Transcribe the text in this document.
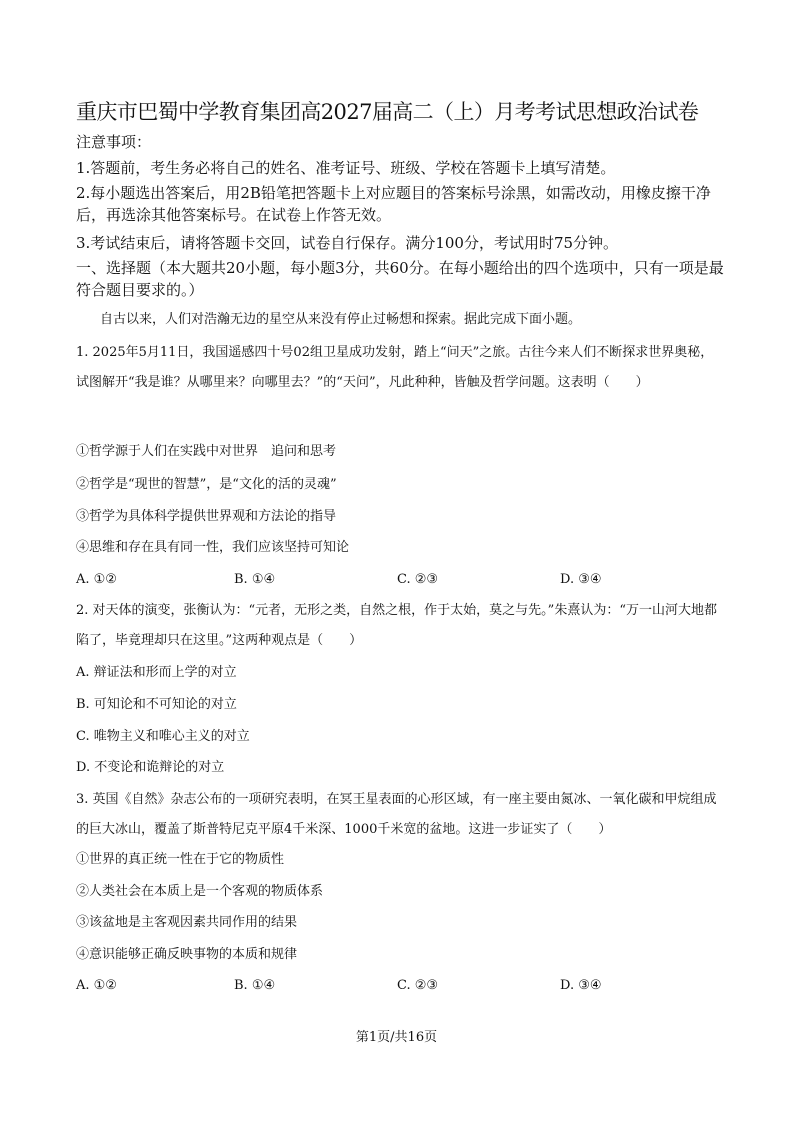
重庆市巴蜀中学教育集团高2027届高二（上）月考考试思想政治试卷
注意事项：
1.答题前，考生务必将自己的姓名、准考证号、班级、学校在答题卡上填写清楚。
2.每小题选出答案后，用2B铅笔把答题卡上对应题目的答案标号涂黑，如需改动，用橡皮擦干净后，再选涂其他答案标号。在试卷上作答无效。
3.考试结束后，请将答题卡交回，试卷自行保存。满分100分，考试用时75分钟。
一、选择题（本大题共20小题，每小题3分，共60分。在每小题给出的四个选项中，只有一项是最符合题目要求的。）
自古以来，人们对浩瀚无边的星空从来没有停止过畅想和探索。据此完成下面小题。
1. 2025年5月11日，我国遥感四十号02组卫星成功发射，踏上“问天”之旅。古往今来人们不断探求世界奥秘，试图解开“我是谁？从哪里来？向哪里去？”的“天问”，凡此种种，皆触及哲学问题。这表明（　　）
①哲学源于人们在实践中对世界　追问和思考
②哲学是“现世的智慧”，是“文化的活的灵魂”
③哲学为具体科学提供世界观和方法论的指导
④思维和存在具有同一性，我们应该坚持可知论
A. ①②	B. ①④	C. ②③	D. ③④
2. 对天体的演变，张衡认为：“元者，无形之类，自然之根，作于太始，莫之与先。”朱熹认为：“万一山河大地都陷了，毕竟理却只在这里。”这两种观点是（　　）
A. 辩证法和形而上学的对立
B. 可知论和不可知论的对立
C. 唯物主义和唯心主义的对立
D. 不变论和诡辩论的对立
3. 英国《自然》杂志公布的一项研究表明，在冥王星表面的心形区域，有一座主要由氮冰、一氧化碳和甲烷组成的巨大冰山，覆盖了斯普特尼克平原4千米深、1000千米宽的盆地。这进一步证实了（　　）
①世界的真正统一性在于它的物质性
②人类社会在本质上是一个客观的物质体系
③该盆地是主客观因素共同作用的结果
④意识能够正确反映事物的本质和规律
A. ①②	B. ①④	C. ②③	D. ③④
第1页/共16页
